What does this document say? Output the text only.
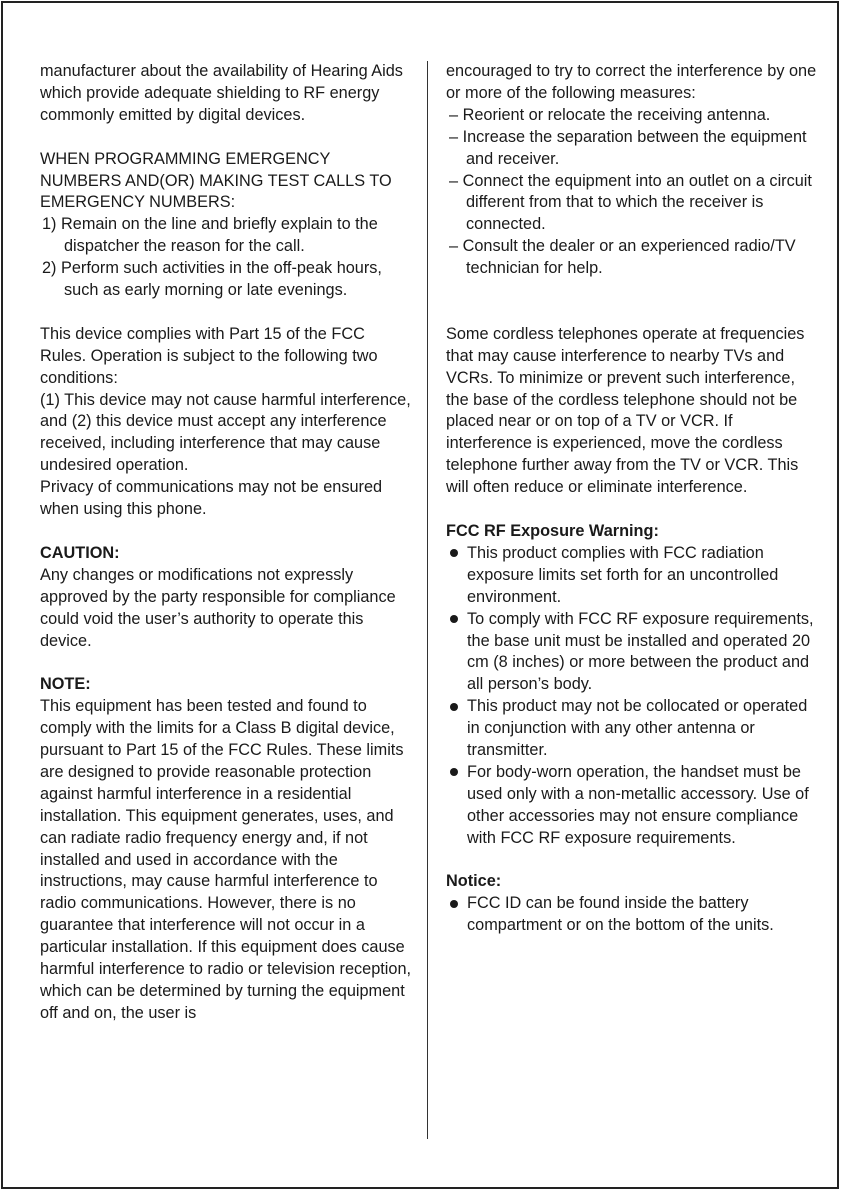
manufacturer about the availability of Hearing Aids which provide adequate shielding to RF energy commonly emitted by digital devices.

WHEN PROGRAMMING EMERGENCY NUMBERS AND(OR) MAKING TEST CALLS TO EMERGENCY NUMBERS:

1) Remain on the line and briefly explain to the dispatcher the reason for the call.

2) Perform such activities in the off-peak hours, such as early morning or late evenings.

This device complies with Part 15 of the FCC Rules. Operation is subject to the following two conditions:

(1) This device may not cause harmful interference, and (2) this device must accept any interference received, including interference that may cause undesired operation.

Privacy of communications may not be ensured when using this phone.

CAUTION:

Any changes or modifications not expressly approved by the party responsible for compliance could void the user’s authority to operate this device.

NOTE:

This equipment has been tested and found to comply with the limits for a Class B digital device, pursuant to Part 15 of the FCC Rules. These limits are designed to provide reasonable protection against harmful interference in a residential installation. This equipment generates, uses, and can radiate radio frequency energy and, if not installed and used in accordance with the instructions, may cause harmful interference to radio communications. However, there is no guarantee that interference will not occur in a particular installation. If this equipment does cause harmful interference to radio or television reception, which can be determined by turning the equipment off and on, the user is

encouraged to try to correct the interference by one or more of the following measures:

– Reorient or relocate the receiving antenna.

– Increase the separation between the equipment and receiver.

– Connect the equipment into an outlet on a circuit different from that to which the receiver is connected.

– Consult the dealer or an experienced radio/TV technician for help.

Some cordless telephones operate at frequencies that may cause interference to nearby TVs and VCRs. To minimize or prevent such interference, the base of the cordless telephone should not be placed near or on top of a TV or VCR. If interference is experienced, move the cordless telephone further away from the TV or VCR. This will often reduce or eliminate interference.

FCC RF Exposure Warning:

This product complies with FCC radiation exposure limits set forth for an uncontrolled environment.
To comply with FCC RF exposure requirements, the base unit must be installed and operated 20 cm (8 inches) or more between the product and all person’s body.
This product may not be collocated or operated in conjunction with any other antenna or transmitter.
For body-worn operation, the handset must be used only with a non-metallic accessory. Use of other accessories may not ensure compliance with FCC RF exposure requirements.

Notice:

FCC ID can be found inside the battery compartment or on the bottom of the units.
